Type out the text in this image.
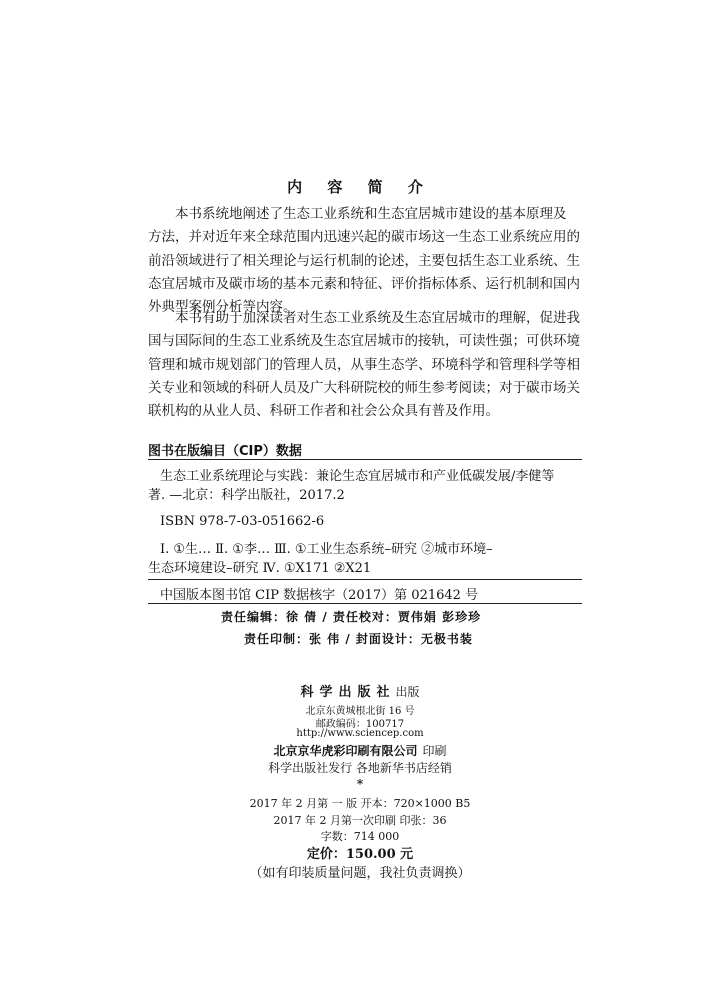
内 容 简 介
本书系统地阐述了生态工业系统和生态宜居城市建设的基本原理及
方法，并对近年来全球范围内迅速兴起的碳市场这一生态工业系统应用的
前沿领域进行了相关理论与运行机制的论述，主要包括生态工业系统、生
态宜居城市及碳市场的基本元素和特征、评价指标体系、运行机制和国内
外典型案例分析等内容。
本书有助于加深读者对生态工业系统及生态宜居城市的理解，促进我
国与国际间的生态工业系统及生态宜居城市的接轨，可读性强；可供环境
管理和城市规划部门的管理人员，从事生态学、环境科学和管理科学等相
关专业和领域的科研人员及广大科研院校的师生参考阅读；对于碳市场关
联机构的从业人员、科研工作者和社会公众具有普及作用。
图书在版编目（CIP）数据
生态工业系统理论与实践：兼论生态宜居城市和产业低碳发展/李健等
著. —北京：科学出版社，2017.2
ISBN 978-7-03-051662-6
Ⅰ. ①生… Ⅱ. ①李… Ⅲ. ①工业生态系统–研究 ②城市环境–
生态环境建设–研究 Ⅳ. ①X171 ②X21
中国版本图书馆 CIP 数据核字（2017）第 021642 号
责任编辑：徐 倩 / 责任校对：贾伟娟 彭珍珍
责任印制：张 伟 / 封面设计：无极书装
科学出版社出版
北京东黄城根北街 16 号
邮政编码：100717
http://www.sciencep.com
北京京华虎彩印刷有限公司 印刷
科学出版社发行 各地新华书店经销
*
2017 年 2 月第 一 版 开本：720×1000 B5
2017 年 2 月第一次印刷 印张：36
字数：714 000
定价：150.00 元
（如有印装质量问题，我社负责调换）
